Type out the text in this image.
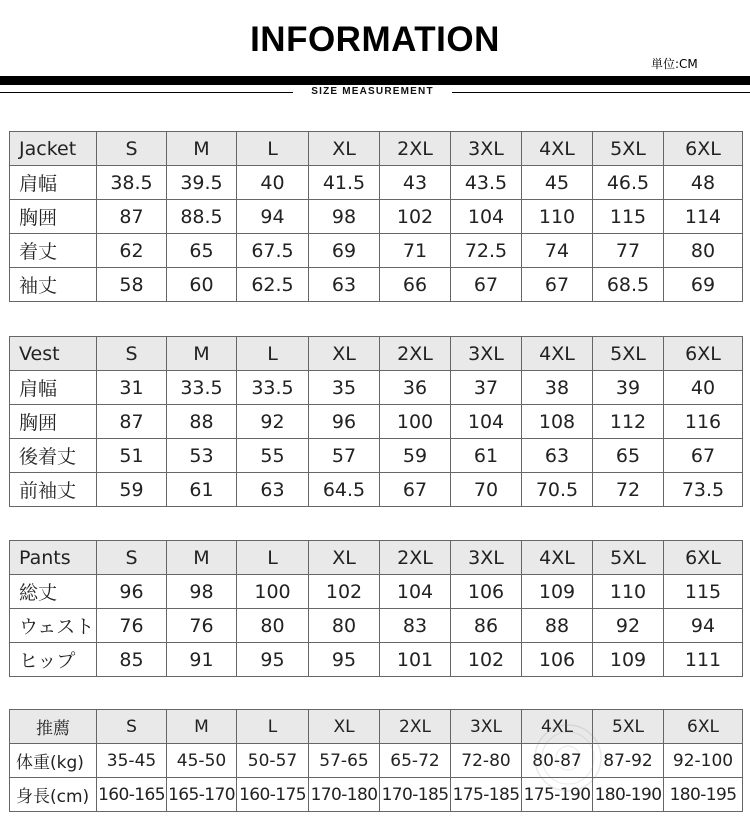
INFORMATION
単位:CM
SIZE MEASUREMENT
Jacket	S	M	L	XL	2XL	3XL	4XL	5XL	6XL
肩幅	38.5	39.5	40	41.5	43	43.5	45	46.5	48
胸囲	87	88.5	94	98	102	104	110	115	114
着丈	62	65	67.5	69	71	72.5	74	77	80
袖丈	58	60	62.5	63	66	67	67	68.5	69
Vest	S	M	L	XL	2XL	3XL	4XL	5XL	6XL
肩幅	31	33.5	33.5	35	36	37	38	39	40
胸囲	87	88	92	96	100	104	108	112	116
後着丈	51	53	55	57	59	61	63	65	67
前袖丈	59	61	63	64.5	67	70	70.5	72	73.5
Pants	S	M	L	XL	2XL	3XL	4XL	5XL	6XL
総丈	96	98	100	102	104	106	109	110	115
ウェスト	76	76	80	80	83	86	88	92	94
ヒップ	85	91	95	95	101	102	106	109	111
推薦	S	M	L	XL	2XL	3XL	4XL	5XL	6XL
体重(kg)	35-45	45-50	50-57	57-65	65-72	72-80	80-87	87-92	92-100
身長(cm) 160-165 165-170 160-175 170-180 170-185 175-185 175-190 180-190 180-195
